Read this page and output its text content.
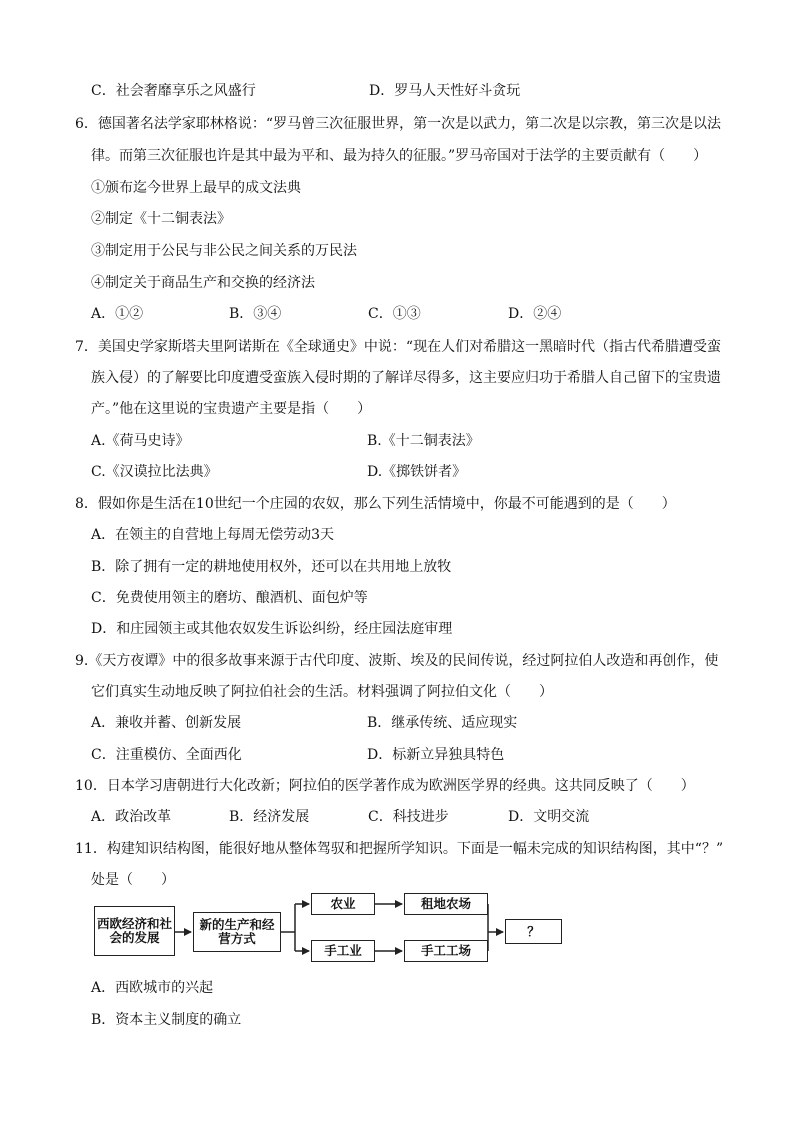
C．社会奢靡享乐之风盛行	D．罗马人天性好斗贪玩
6．德国著名法学家耶林格说：“罗马曾三次征服世界，第一次是以武力，第二次是以宗教，第三次是以法
律。而第三次征服也许是其中最为平和、最为持久的征服。”罗马帝国对于法学的主要贡献有（　　）
①颁布迄今世界上最早的成文法典
②制定《十二铜表法》
③制定用于公民与非公民之间关系的万民法
④制定关于商品生产和交换的经济法
A．①②	B．③④	C．①③	D．②④
7．美国史学家斯塔夫里阿诺斯在《全球通史》中说：“现在人们对希腊这一黑暗时代（指古代希腊遭受蛮
族入侵）的了解要比印度遭受蛮族入侵时期的了解详尽得多，这主要应归功于希腊人自己留下的宝贵遗
产。”他在这里说的宝贵遗产主要是指（　　）
A.《荷马史诗》	B.《十二铜表法》
C.《汉谟拉比法典》	D.《掷铁饼者》
8．假如你是生活在10世纪一个庄园的农奴，那么下列生活情境中，你最不可能遇到的是（　　）
A．在领主的自营地上每周无偿劳动3天
B．除了拥有一定的耕地使用权外，还可以在共用地上放牧
C．免费使用领主的磨坊、酿酒机、面包炉等
D．和庄园领主或其他农奴发生诉讼纠纷，经庄园法庭审理
9.《天方夜谭》中的很多故事来源于古代印度、波斯、埃及的民间传说，经过阿拉伯人改造和再创作，使
它们真实生动地反映了阿拉伯社会的生活。材料强调了阿拉伯文化（　　）
A．兼收并蓄、创新发展	B．继承传统、适应现实
C．注重模仿、全面西化	D．标新立异独具特色
10．日本学习唐朝进行大化改新；阿拉伯的医学著作成为欧洲医学界的经典。这共同反映了（　　）
A．政治改革	B．经济发展	C．科技进步	D．文明交流
11．构建知识结构图，能很好地从整体驾驭和把握所学知识。下面是一幅未完成的知识结构图，其中“？”
处是（　　）
西欧经济和社会的发展
新的生产和经营方式
农业	租地农场
手工业	手工工场
？
A．西欧城市的兴起
B．资本主义制度的确立
